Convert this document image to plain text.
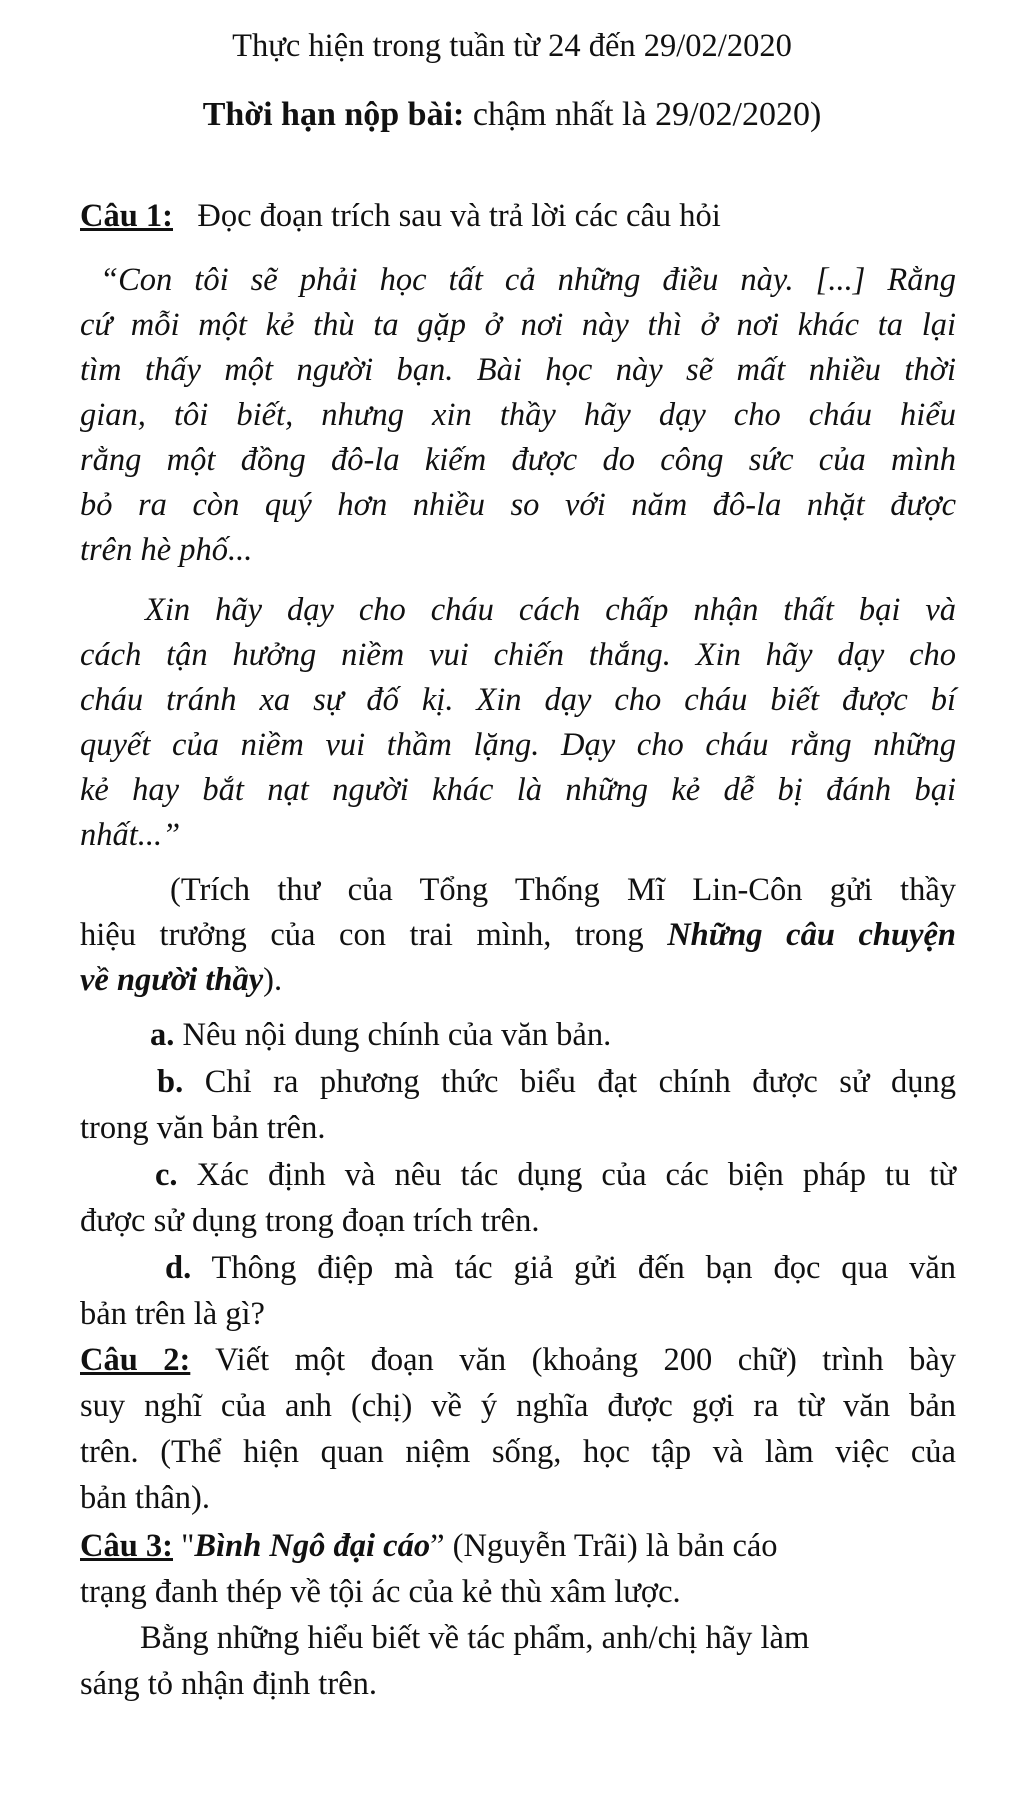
Thực hiện trong tuần từ 24 đến 29/02/2020
Thời hạn nộp bài: chậm nhất là 29/02/2020)
Câu 1: Đọc đoạn trích sau và trả lời các câu hỏi
“Con tôi sẽ phải học tất cả những điều này. [...] Rằng
cứ mỗi một kẻ thù ta gặp ở nơi này thì ở nơi khác ta lại
tìm thấy một người bạn. Bài học này sẽ mất nhiều thời
gian, tôi biết, nhưng xin thầy hãy dạy cho cháu hiểu
rằng một đồng đô-la kiếm được do công sức của mình
bỏ ra còn quý hơn nhiều so với năm đô-la nhặt được
trên hè phố...
Xin hãy dạy cho cháu cách chấp nhận thất bại và
cách tận hưởng niềm vui chiến thắng. Xin hãy dạy cho
cháu tránh xa sự đố kị. Xin dạy cho cháu biết được bí
quyết của niềm vui thầm lặng. Dạy cho cháu rằng những
kẻ hay bắt nạt người khác là những kẻ dễ bị đánh bại
nhất...”
(Trích thư của Tổng Thống Mĩ Lin-Côn gửi thầy
hiệu trưởng của con trai mình, trong Những câu chuyện
về người thầy).
a. Nêu nội dung chính của văn bản.
b. Chỉ ra phương thức biểu đạt chính được sử dụng
trong văn bản trên.
c. Xác định và nêu tác dụng của các biện pháp tu từ
được sử dụng trong đoạn trích trên.
d. Thông điệp mà tác giả gửi đến bạn đọc qua văn
bản trên là gì?
Câu 2: Viết một đoạn văn (khoảng 200 chữ) trình bày
suy nghĩ của anh (chị) về ý nghĩa được gợi ra từ văn bản
trên. (Thể hiện quan niệm sống, học tập và làm việc của
bản thân).
Câu 3: "Bình Ngô đại cáo” (Nguyễn Trãi) là bản cáo
trạng đanh thép về tội ác của kẻ thù xâm lược.
Bằng những hiểu biết về tác phẩm, anh/chị hãy làm
sáng tỏ nhận định trên.
